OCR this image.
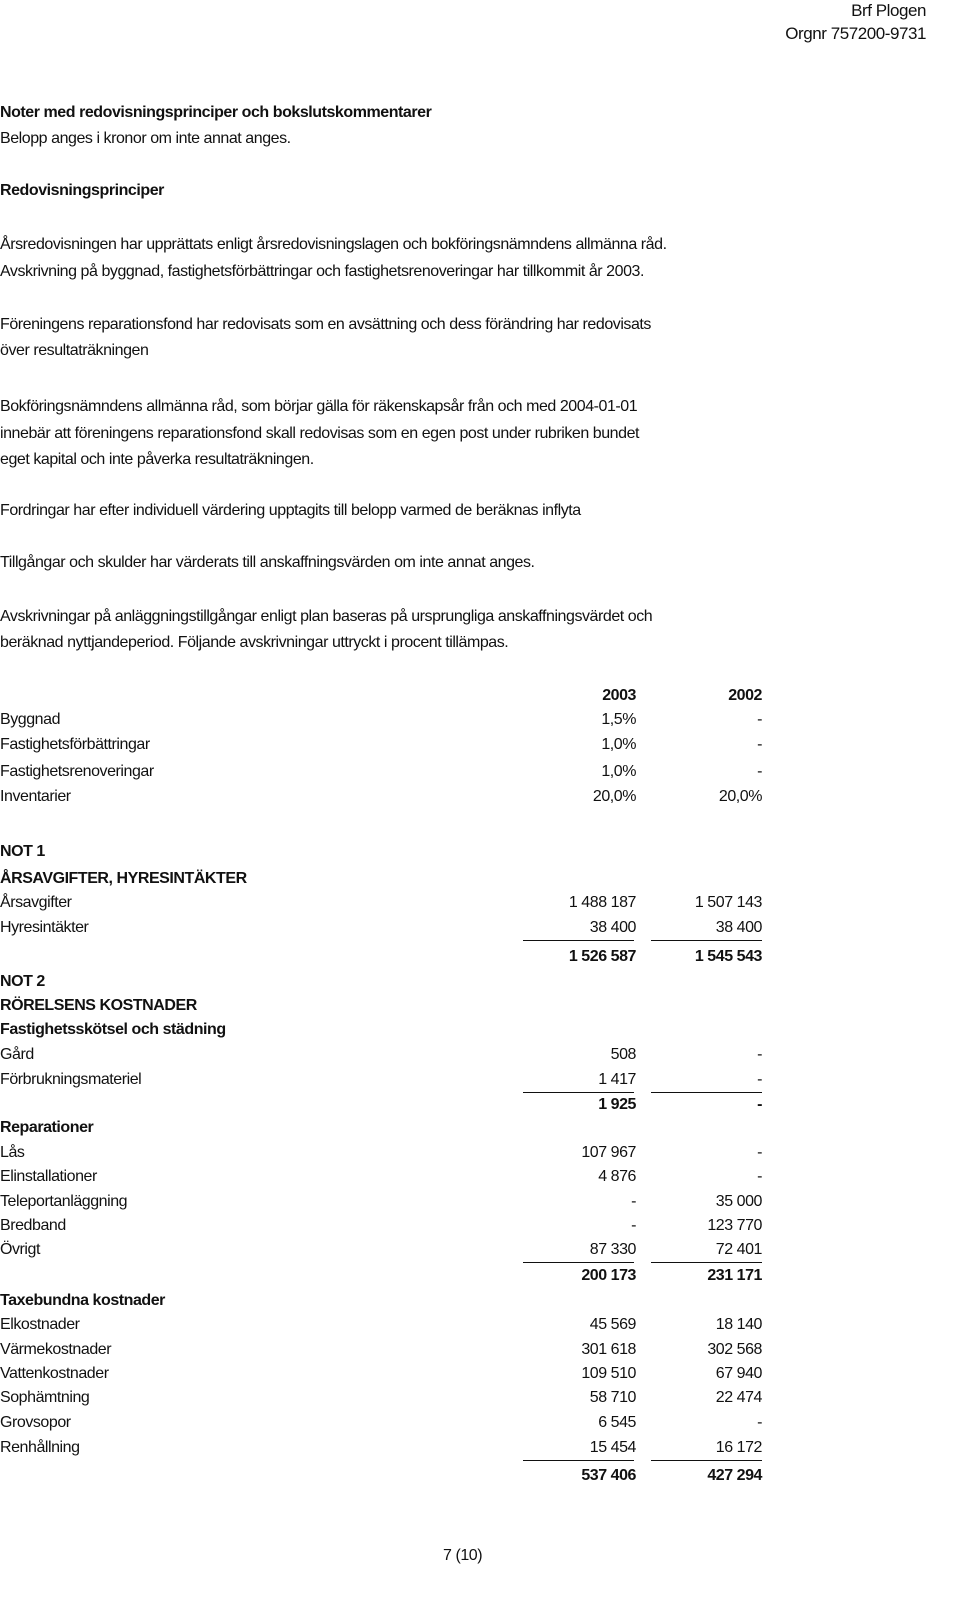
Brf Plogen
Orgnr 757200-9731
Noter med redovisningsprinciper och bokslutskommentarer
Belopp anges i kronor om inte annat anges.
Redovisningsprinciper
Årsredovisningen har upprättats enligt årsredovisningslagen och bokföringsnämndens allmänna råd.
Avskrivning på byggnad, fastighetsförbättringar och fastighetsrenoveringar har tillkommit år 2003.
Föreningens reparationsfond har redovisats som en avsättning och dess förändring har redovisats
över resultaträkningen
Bokföringsnämndens allmänna råd, som börjar gälla för räkenskapsår från och med 2004-01-01
innebär att föreningens reparationsfond skall redovisas som en egen post under rubriken bundet
eget kapital och inte påverka resultaträkningen.
Fordringar har efter individuell värdering upptagits till belopp varmed de beräknas inflyta
Tillgångar och skulder har värderats till anskaffningsvärden om inte annat anges.
Avskrivningar på anläggningstillgångar enligt plan baseras på ursprungliga anskaffningsvärdet och
beräknad nyttjandeperiod. Följande avskrivningar uttryckt i procent tillämpas.
2003	2002
Byggnad	1,5%	-
Fastighetsförbättringar	1,0%	-
Fastighetsrenoveringar	1,0%	-
Inventarier	20,0%	20,0%
NOT 1
ÅRSAVGIFTER, HYRESINTÄKTER
Årsavgifter	1 488 187	1 507 143
Hyresintäkter	38 400	38 400
1 526 587	1 545 543
NOT 2
RÖRELSENS KOSTNADER
Fastighetsskötsel och städning
Gård	508	-
Förbrukningsmateriel	1 417	-
1 925	-
Reparationer
Lås	107 967	-
Elinstallationer	4 876	-
Teleportanläggning	-	35 000
Bredband	-	123 770
Övrigt	87 330	72 401
200 173	231 171
Taxebundna kostnader
Elkostnader	45 569	18 140
Värmekostnader	301 618	302 568
Vattenkostnader	109 510	67 940
Sophämtning	58 710	22 474
Grovsopor	6 545	-
Renhållning	15 454	16 172
537 406	427 294
7 (10)
